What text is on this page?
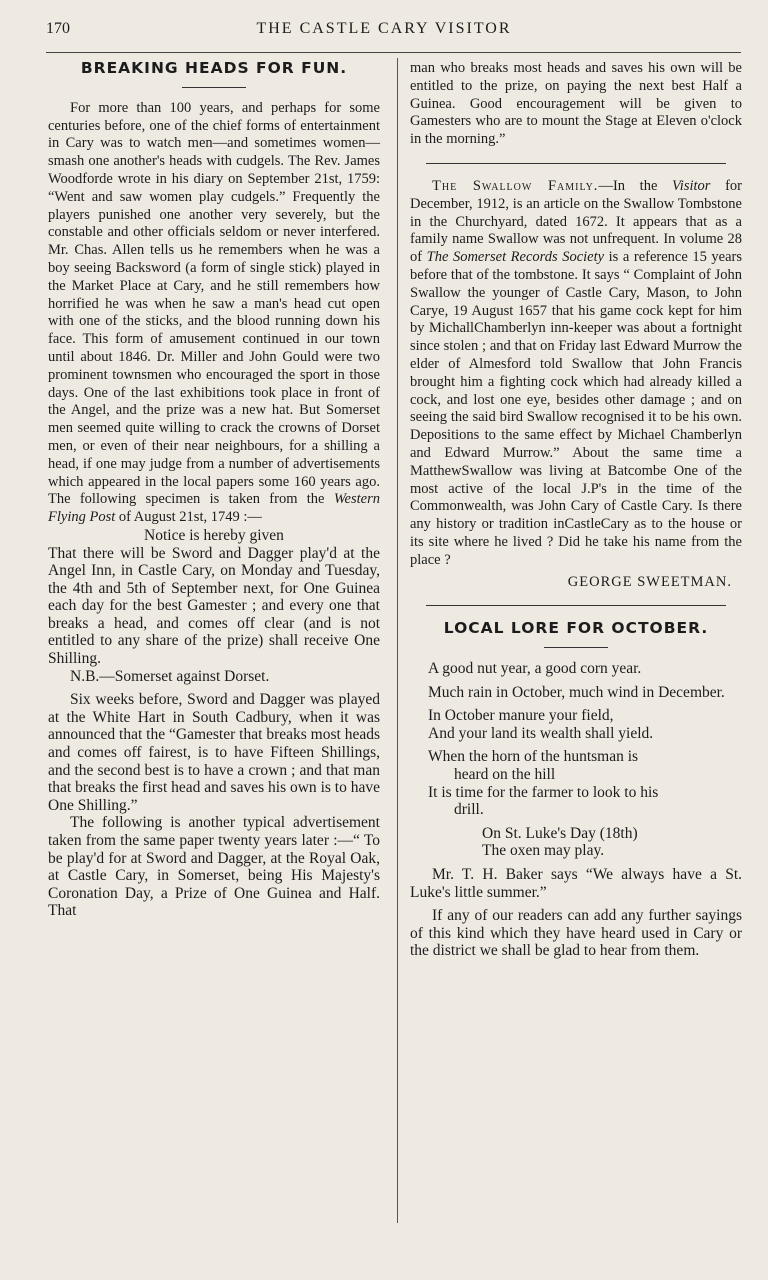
170	THE CASTLE CARY VISITOR

BREAKING HEADS FOR FUN.

For more than 100 years, and perhaps for some centuries before, one of the chief forms of entertainment in Cary was to watch men—and sometimes women—smash one another's heads with cudgels. The Rev. James Woodforde wrote in his diary on September 21st, 1759: “Went and saw women play cudgels.” Frequently the players punished one another very severely, but the constable and other officials seldom or never interfered. Mr. Chas. Allen tells us he remembers when he was a boy seeing Backsword (a form of single stick) played in the Market Place at Cary, and he still remembers how horrified he was when he saw a man's head cut open with one of the sticks, and the blood running down his face. This form of amusement continued in our town until about 1846. Dr. Miller and John Gould were two prominent townsmen who encouraged the sport in those days. One of the last exhibitions took place in front of the Angel, and the prize was a new hat. But Somerset men seemed quite willing to crack the crowns of Dorset men, or even of their near neighbours, for a shilling a head, if one may judge from a number of advertisements which appeared in the local papers some 160 years ago. The following specimen is taken from the Western Flying Post of August 21st, 1749 :—

Notice is hereby given

That there will be Sword and Dagger play'd at the Angel Inn, in Castle Cary, on Monday and Tuesday, the 4th and 5th of September next, for One Guinea each day for the best Gamester ; and every one that breaks a head, and comes off clear (and is not entitled to any share of the prize) shall receive One Shilling.

N.B.—Somerset against Dorset.

Six weeks before, Sword and Dagger was played at the White Hart in South Cadbury, when it was announced that the “Gamester that breaks most heads and comes off fairest, is to have Fifteen Shillings, and the second best is to have a crown ; and that man that breaks the first head and saves his own is to have One Shilling.”

The following is another typical advertisement taken from the same paper twenty years later :—“ To be play'd for at Sword and Dagger, at the Royal Oak, at Castle Cary, in Somerset, being His Majesty's Coronation Day, a Prize of One Guinea and Half. That

man who breaks most heads and saves his own will be entitled to the prize, on paying the next best Half a Guinea. Good encouragement will be given to Gamesters who are to mount the Stage at Eleven o'clock in the morning.”

The Swallow Family.—In the Visitor for December, 1912, is an article on the Swallow Tombstone in the Churchyard, dated 1672. It appears that as a family name Swallow was not unfrequent. In volume 28 of The Somerset Records Society is a reference 15 years before that of the tombstone. It says “ Complaint of John Swallow the younger of Castle Cary, Mason, to John Carye, 19 August 1657 that his game cock kept for him by MichallChamberlyn inn-keeper was about a fortnight since stolen ; and that on Friday last Edward Murrow the elder of Almesford told Swallow that John Francis brought him a fighting cock which had already killed a cock, and lost one eye, besides other damage ; and on seeing the said bird Swallow recognised it to be his own. Depositions to the same effect by Michael Chamberlyn and Edward Murrow.” About the same time a MatthewSwallow was living at Batcombe One of the most active of the local J.P's in the time of the Commonwealth, was John Cary of Castle Cary. Is there any history or tradition inCastleCary as to the house or its site where he lived ? Did he take his name from the place ?

GEORGE SWEETMAN.

LOCAL LORE FOR OCTOBER.

A good nut year, a good corn year.

Much rain in October, much wind in December.

In October manure your field,

And your land its wealth shall yield.

When the horn of the huntsman is

heard on the hill

It is time for the farmer to look to his

drill.

On St. Luke's Day (18th)

The oxen may play.

Mr. T. H. Baker says “We always have a St. Luke's little summer.”

If any of our readers can add any further sayings of this kind which they have heard used in Cary or the district we shall be glad to hear from them.
